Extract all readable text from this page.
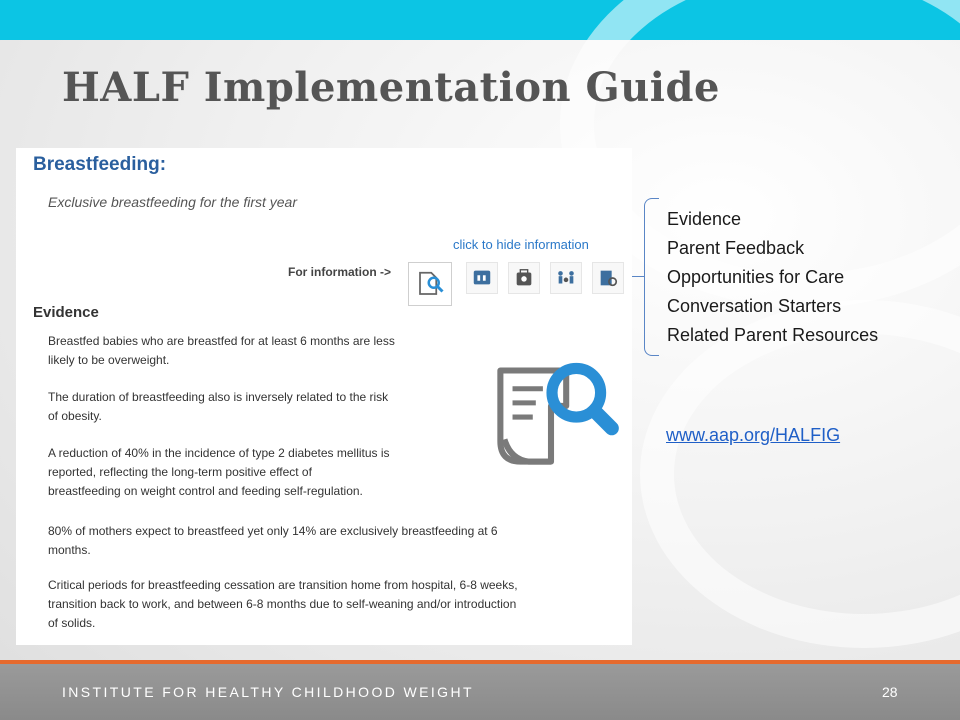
HALF Implementation Guide
Breastfeeding:
Exclusive breastfeeding for the first year
click to hide information
For information ->
Evidence

Breastfed babies who are breastfed for at least 6 months are less
likely to be overweight.

The duration of breastfeeding also is inversely related to the risk
of obesity.

A reduction of 40% in the incidence of type 2 diabetes mellitus is
reported, reflecting the long-term positive effect of
breastfeeding on weight control and feeding self-regulation.

80% of mothers expect to breastfeed yet only 14% are exclusively breastfeeding at 6
months.

Critical periods for breastfeeding cessation are transition home from hospital, 6-8 weeks,
transition back to work, and between 6-8 months due to self-weaning and/or introduction
of solids.

Evidence
Parent Feedback
Opportunities for Care
Conversation Starters
Related Parent Resources
www.aap.org/HALFIG
INSTITUTE FOR HEALTHY CHILDHOOD WEIGHT	28
